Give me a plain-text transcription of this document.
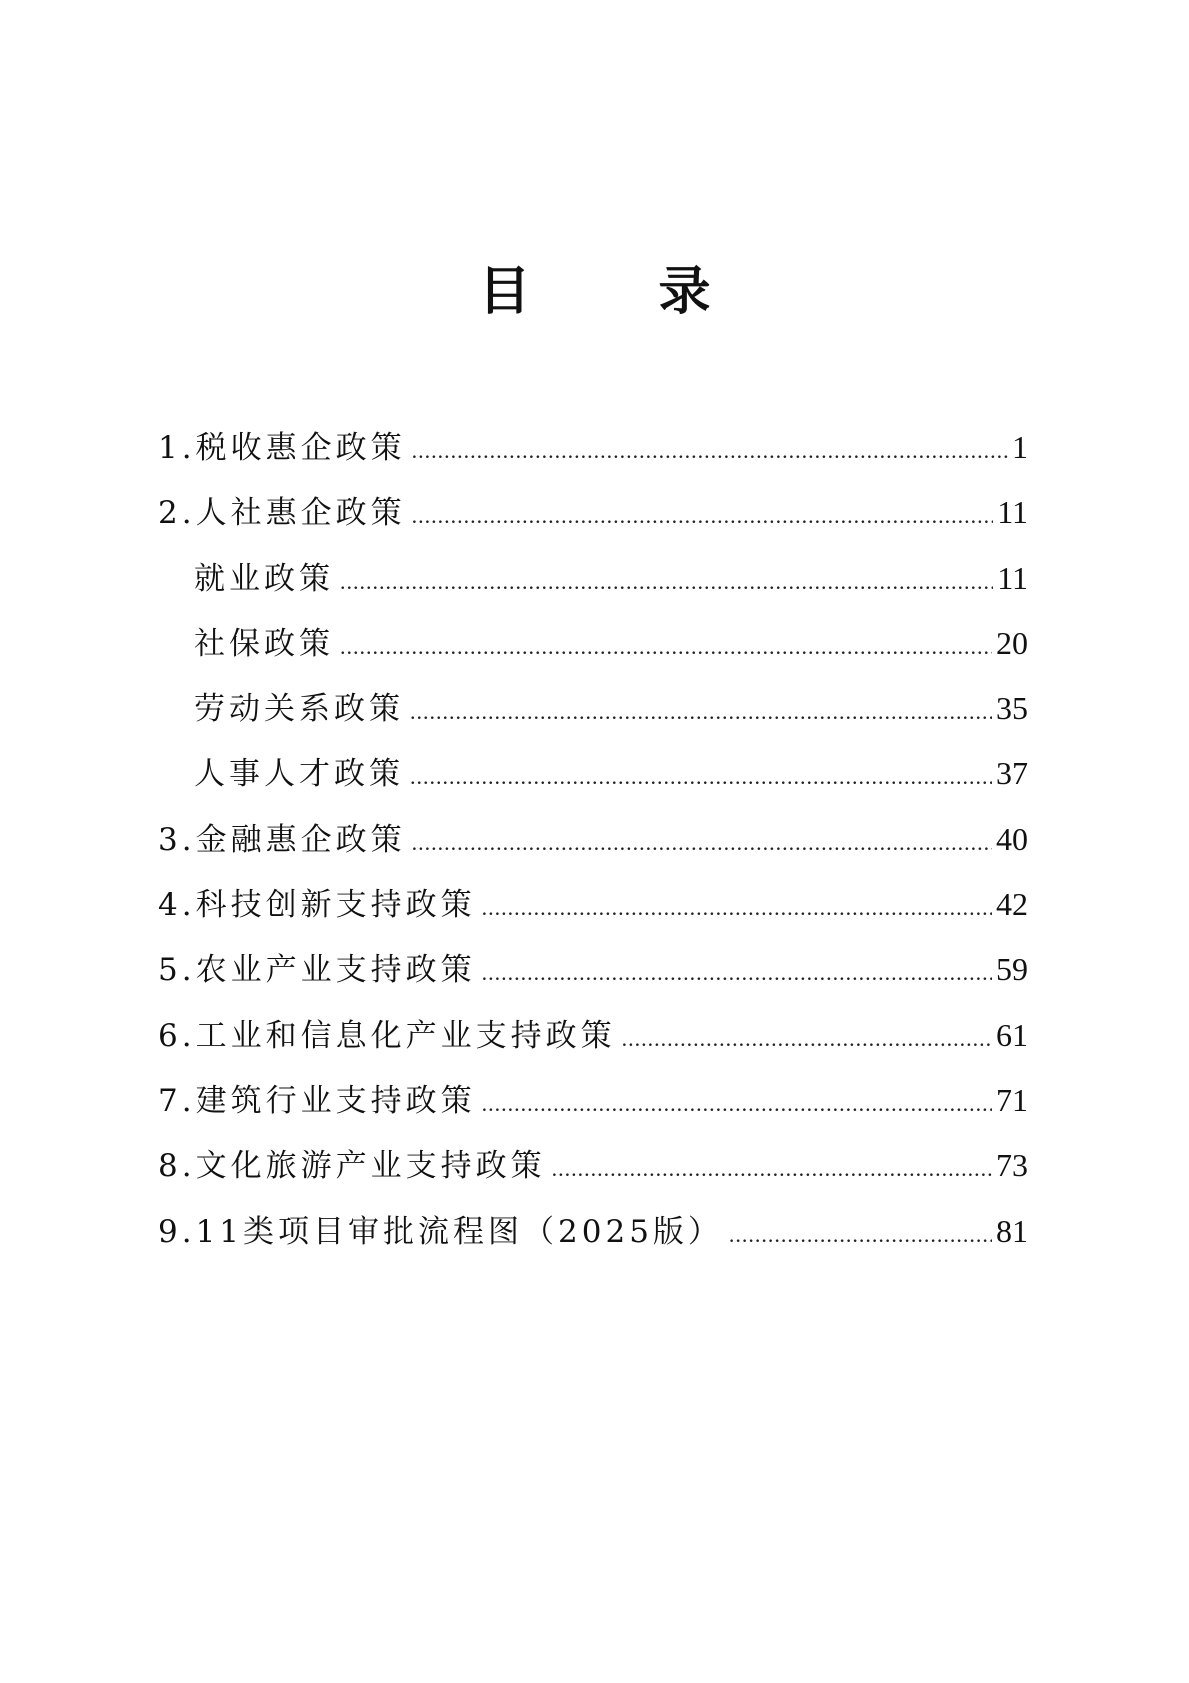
目　录
1.税收惠企政策 .....	1
2.人社惠企政策 .....	11
就业政策 .....	11
社保政策 .....	20
劳动关系政策 .....	35
人事人才政策 .....	37
3.金融惠企政策 .....	40
4.科技创新支持政策 .....	42
5.农业产业支持政策 .....	59
6.工业和信息化产业支持政策 .....	61
7.建筑行业支持政策 .....	71
8.文化旅游产业支持政策 .....	73
9.11类项目审批流程图（2025版） .....	81
